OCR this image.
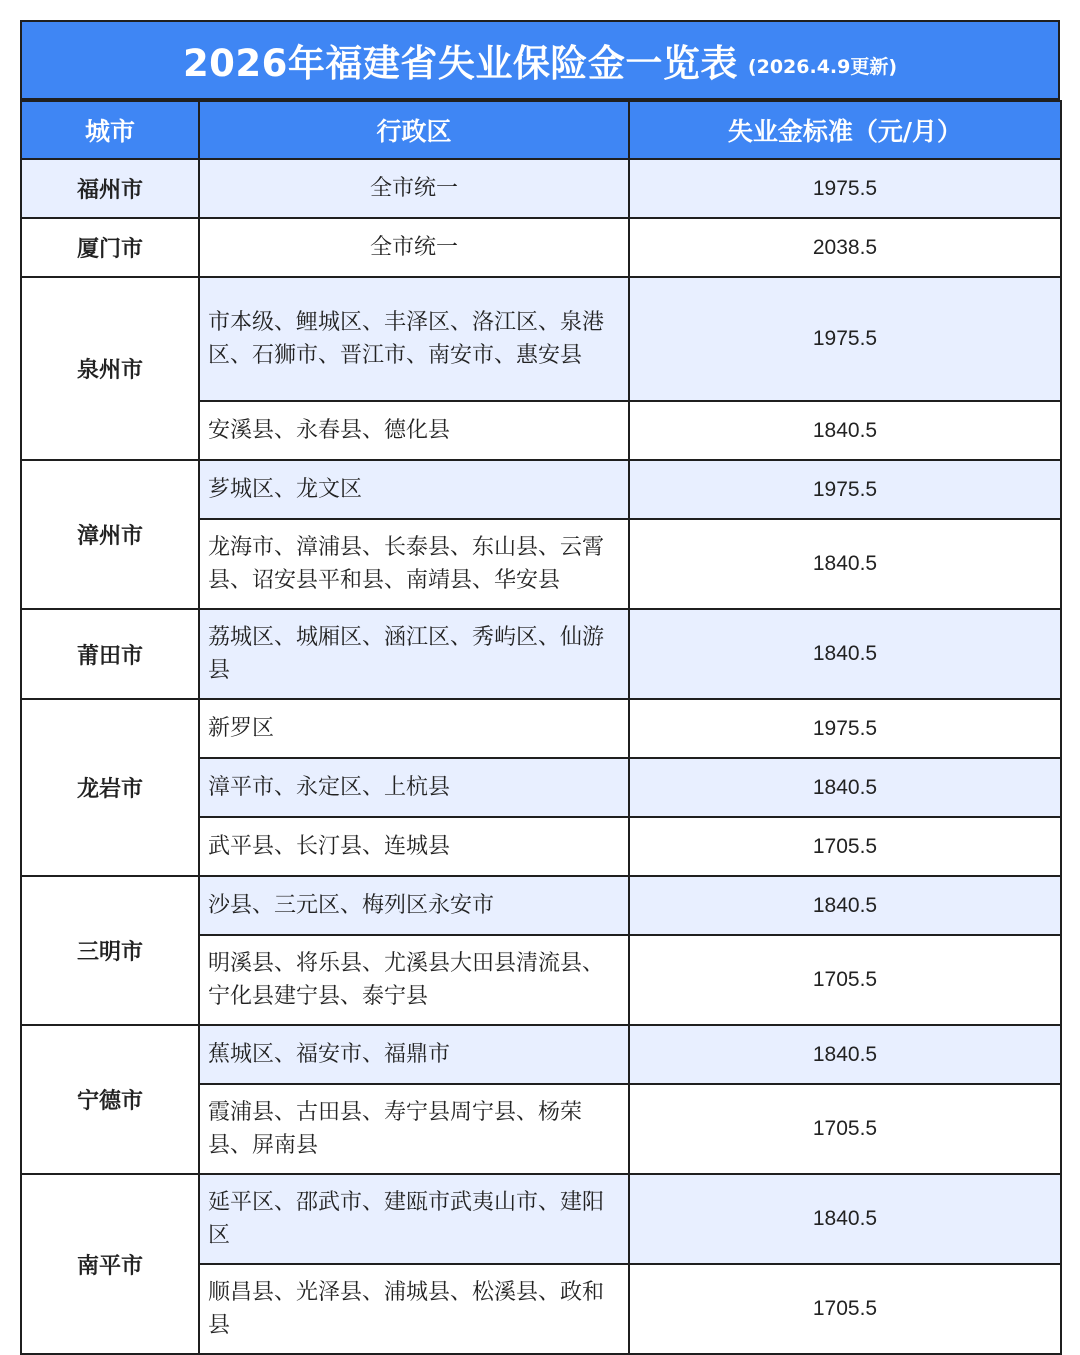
2026年福建省失业保险金一览表 (2026.4.9更新)
城市	行政区	失业金标准（元/月）
福州市	全市统一	1975.5
厦门市	全市统一	2038.5
泉州市	市本级、鲤城区、丰泽区、洛江区、泉港区、石狮市、晋江市、南安市、惠安县	1975.5
	安溪县、永春县、德化县	1840.5
漳州市	芗城区、龙文区	1975.5
	龙海市、漳浦县、长泰县、东山县、云霄县、诏安县平和县、南靖县、华安县	1840.5
莆田市	荔城区、城厢区、涵江区、秀屿区、仙游县	1840.5
龙岩市	新罗区	1975.5
	漳平市、永定区、上杭县	1840.5
	武平县、长汀县、连城县	1705.5
三明市	沙县、三元区、梅列区永安市	1840.5
	明溪县、将乐县、尤溪县大田县清流县、宁化县建宁县、泰宁县	1705.5
宁德市	蕉城区、福安市、福鼎市	1840.5
	霞浦县、古田县、寿宁县周宁县、杨荣县、屏南县	1705.5
南平市	延平区、邵武市、建瓯市武夷山市、建阳区	1840.5
	顺昌县、光泽县、浦城县、松溪县、政和县	1705.5
